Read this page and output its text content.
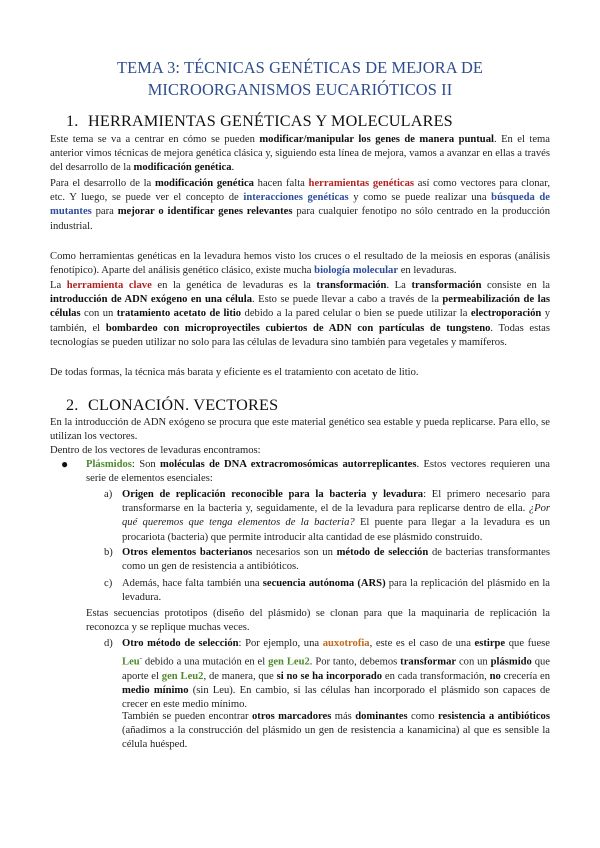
TEMA 3: TÉCNICAS GENÉTICAS DE MEJORA DE
MICROORGANISMOS EUCARIÓTICOS II
1. HERRAMIENTAS GENÉTICAS Y MOLECULARES
Este tema se va a centrar en cómo se pueden modificar/manipular los genes de manera puntual. En el tema anterior vimos técnicas de mejora genética clásica y, siguiendo esta línea de mejora, vamos a avanzar en ellas a través del desarrollo de la modificación genética.
Para el desarrollo de la modificación genética hacen falta herramientas genéticas así como vectores para clonar, etc. Y luego, se puede ver el concepto de interacciones genéticas y como se puede realizar una búsqueda de mutantes para mejorar o identificar genes relevantes para cualquier fenotipo no sólo centrado en la producción industrial.
Como herramientas genéticas en la levadura hemos visto los cruces o el resultado de la meiosis en esporas (análisis fenotípico). Aparte del análisis genético clásico, existe mucha biología molecular en levaduras.
La herramienta clave en la genética de levaduras es la transformación. La transformación consiste en la introducción de ADN exógeno en una célula. Esto se puede llevar a cabo a través de la permeabilización de las células con un tratamiento acetato de litio debido a la pared celular o bien se puede utilizar la electroporación y también, el bombardeo con microproyectiles cubiertos de ADN con partículas de tungsteno. Todas estas tecnologías se pueden utilizar no solo para las células de levadura sino también para vegetales y mamíferos.
De todas formas, la técnica más barata y eficiente es el tratamiento con acetato de litio.
2. CLONACIÓN. VECTORES
En la introducción de ADN exógeno se procura que este material genético sea estable y pueda replicarse. Para ello, se utilizan los vectores.
Dentro de los vectores de levaduras encontramos:
● Plásmidos: Son moléculas de DNA extracromosómicas autorreplicantes. Estos vectores requieren una serie de elementos esenciales:
a) Origen de replicación reconocible para la bacteria y levadura: El primero necesario para transformarse en la bacteria y, seguidamente, el de la levadura para replicarse dentro de ella. ¿Por qué queremos que tenga elementos de la bacteria? El puente para llegar a la levadura es un procariota (bacteria) que permite introducir alta cantidad de ese plásmido construido.
b) Otros elementos bacterianos necesarios son un método de selección de bacterias transformantes como un gen de resistencia a antibióticos.
c) Además, hace falta también una secuencia autónoma (ARS) para la replicación del plásmido en la levadura.
Estas secuencias prototipos (diseño del plásmido) se clonan para que la maquinaria de replicación la reconozca y se replique muchas veces.
d) Otro método de selección: Por ejemplo, una auxotrofia, este es el caso de una estirpe que fuese Leu- debido a una mutación en el gen Leu2. Por tanto, debemos transformar con un plásmido que aporte el gen Leu2, de manera, que si no se ha incorporado en cada transformación, no crecería en medio mínimo (sin Leu). En cambio, si las células han incorporado el plásmido son capaces de crecer en este medio mínimo.
También se pueden encontrar otros marcadores más dominantes como resistencia a antibióticos (añadimos a la construcción del plásmido un gen de resistencia a kanamicina) al que es sensible la célula huésped.
